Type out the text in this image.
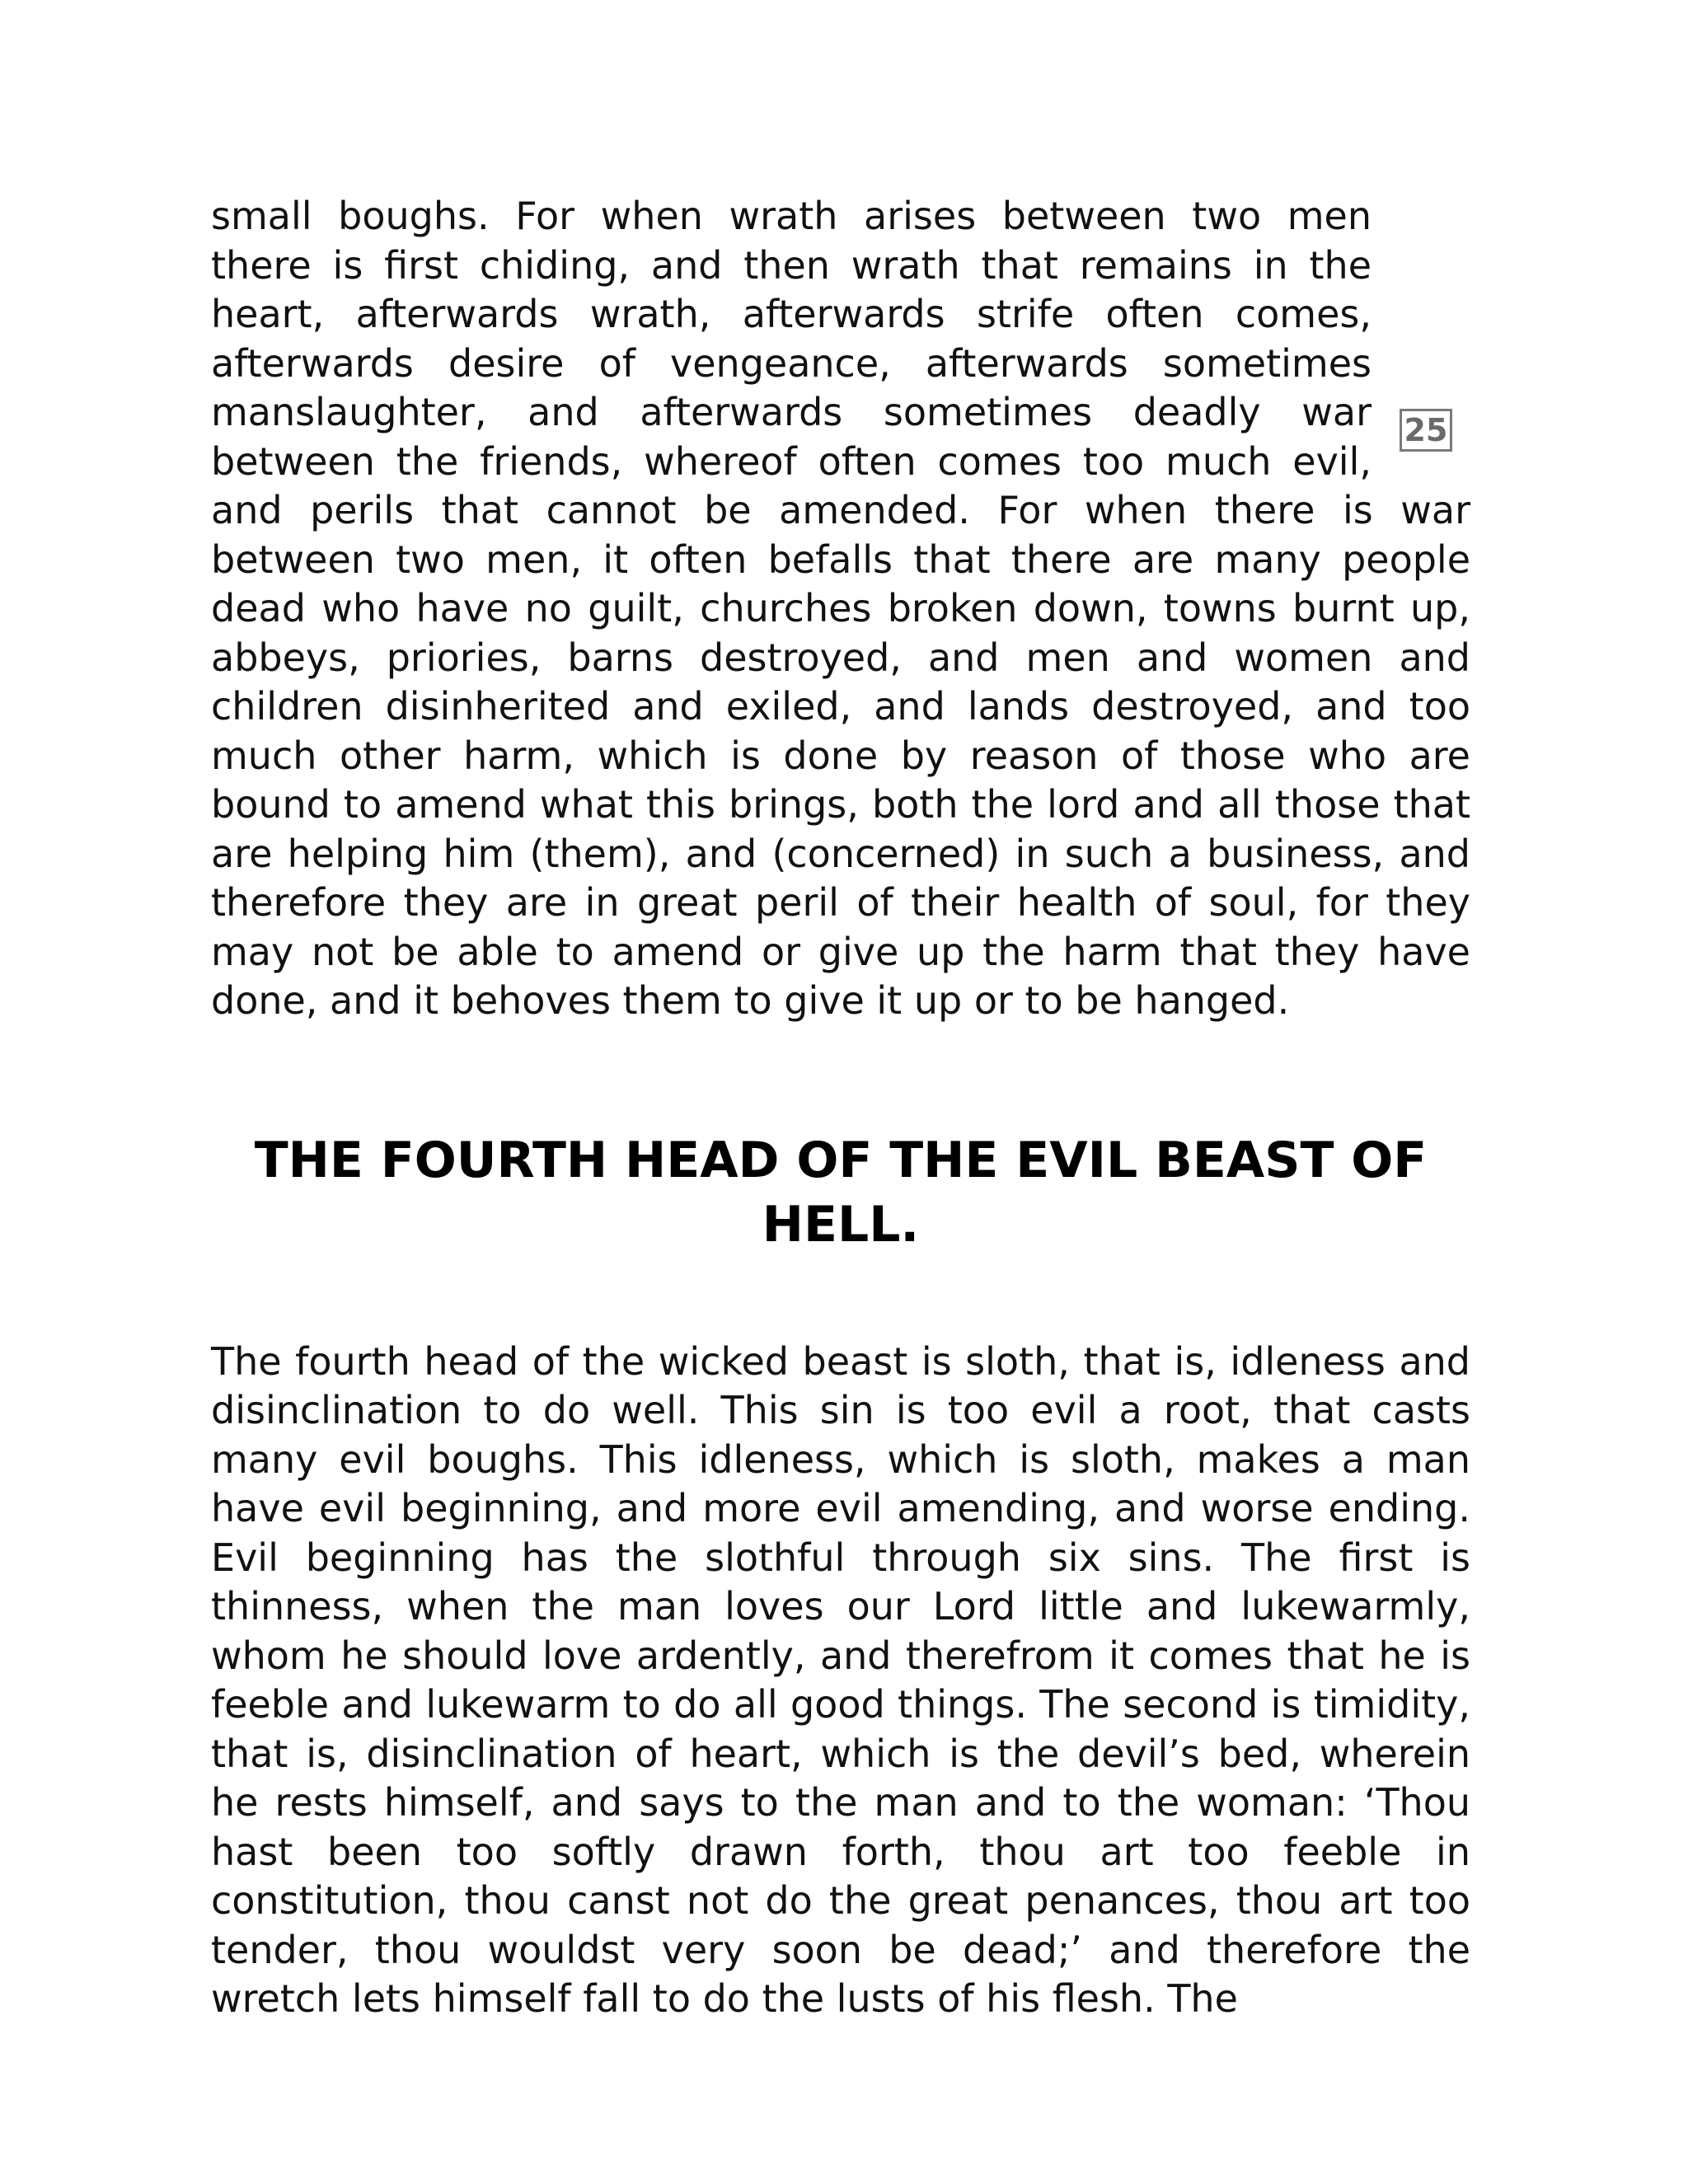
small boughs. For when wrath arises between two men there is first chiding, and then wrath that remains in the heart, afterwards wrath, afterwards strife often comes, afterwards desire of vengeance, afterwards sometimes manslaughter, and afterwards sometimes deadly war between the friends, whereof often comes too much evil, and perils that cannot be amended. For when there is war between two men, it often befalls that there are many people dead who have no guilt, churches broken down, towns burnt up, abbeys, priories, barns destroyed, and men and women and children disinherited and exiled, and lands destroyed, and too much other harm, which is done by reason of those who are bound to amend what this brings, both the lord and all those that are helping him (them), and (concerned) in such a business, and therefore they are in great peril of their health of soul, for they may not be able to amend or give up the harm that they have done, and it behoves them to give it up or to be hanged.

THE FOURTH HEAD OF THE EVIL BEAST OF HELL.

The fourth head of the wicked beast is sloth, that is, idleness and disinclination to do well. This sin is too evil a root, that casts many evil boughs. This idleness, which is sloth, makes a man have evil beginning, and more evil amending, and worse ending. Evil beginning has the slothful through six sins. The first is thinness, when the man loves our Lord little and lukewarmly, whom he should love ardently, and therefrom it comes that he is feeble and lukewarm to do all good things. The second is timidity, that is, disinclination of heart, which is the devil’s bed, wherein he rests himself, and says to the man and to the woman: ‘Thou hast been too softly drawn forth, thou art too feeble in constitution, thou canst not do the great penances, thou art too tender, thou wouldst very soon be dead;’ and therefore the wretch lets himself fall to do the lusts of his flesh. The

25
